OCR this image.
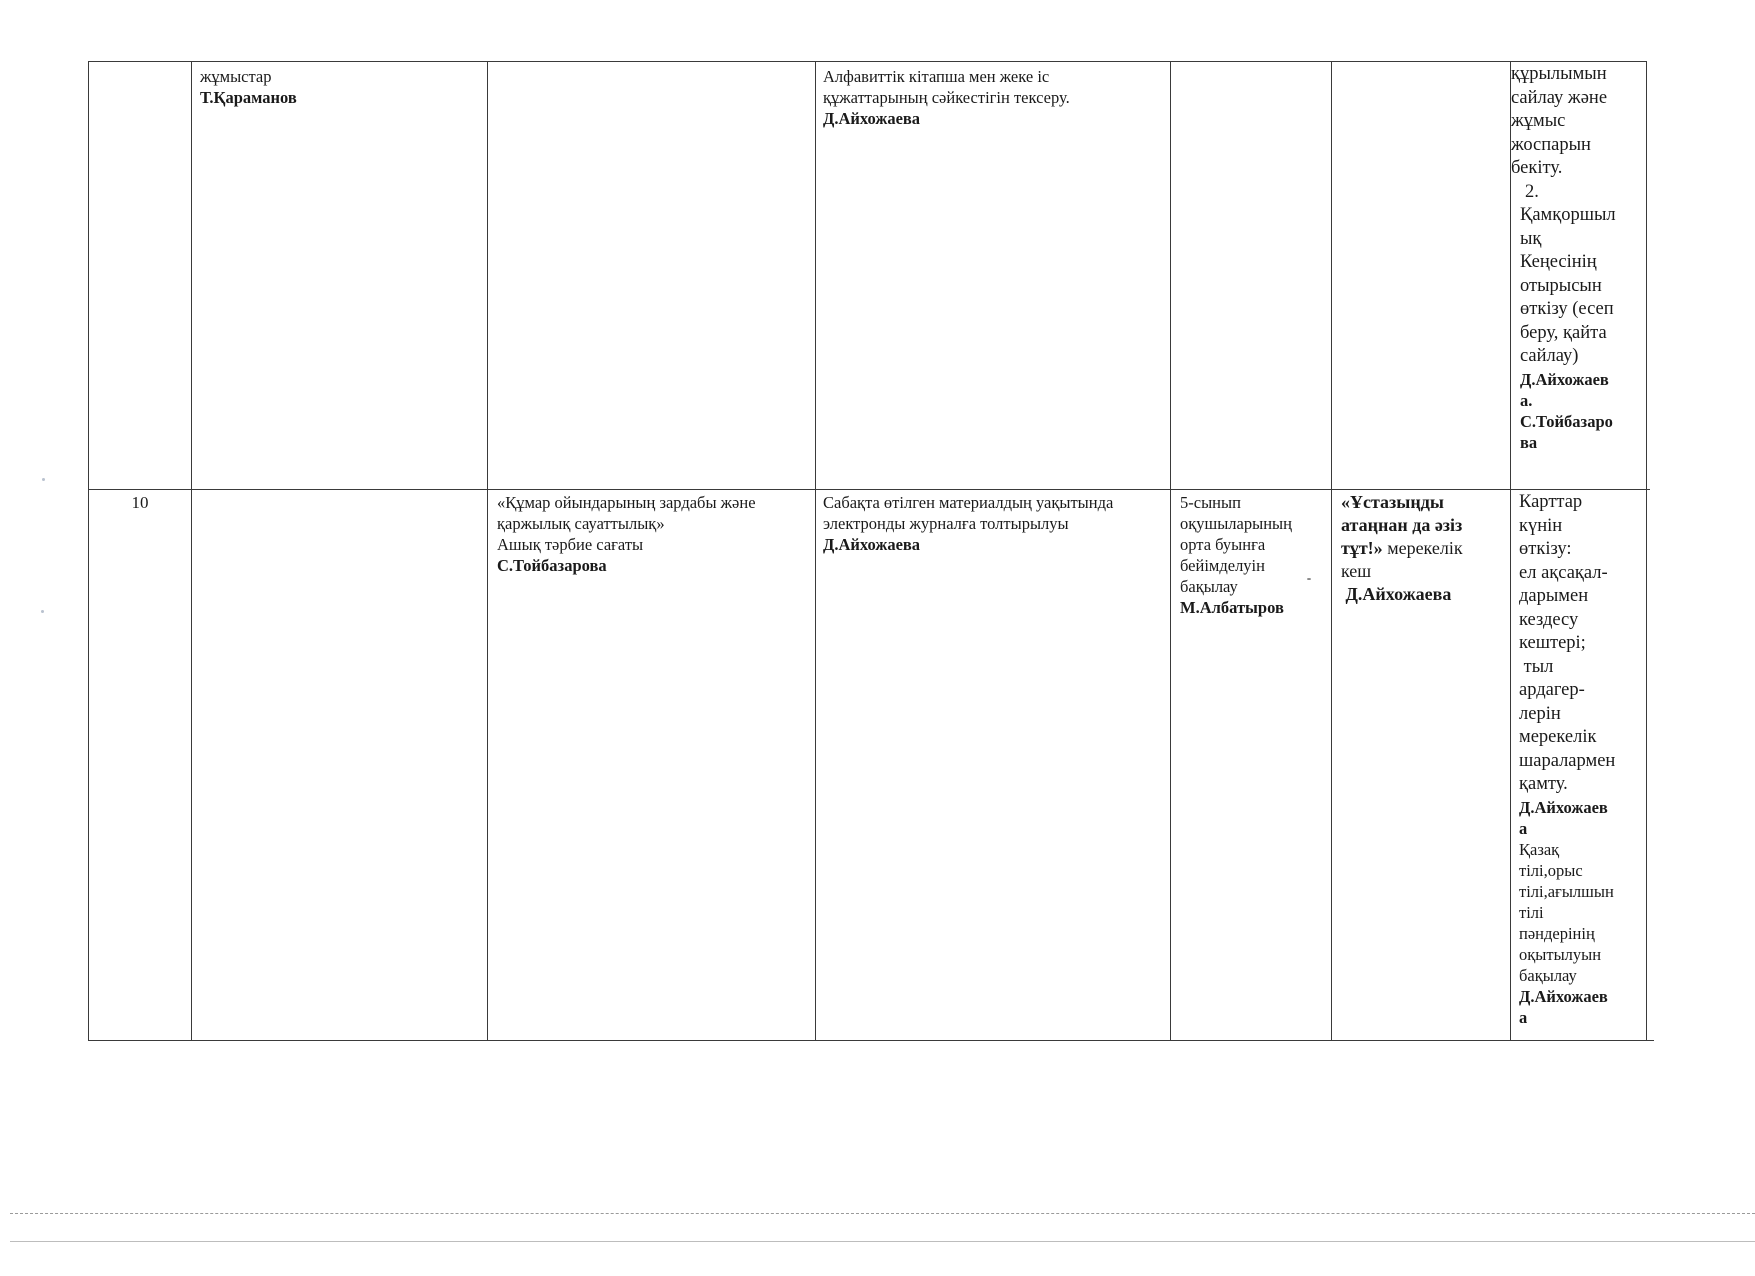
жұмыстар
Т.Қараманов
Алфавиттік кітапша мен жеке іс
құжаттарының сәйкестігін тексеру.
Д.Айхожаева
құрылымын
сайлау және
жұмыс
жоспарын
бекіту.
2.
Қамқоршыл
ық
Кеңесінің
отырысын
өткізу (есеп
беру, қайта
сайлау)
Д.Айхожаев
а.
С.Тойбазаро
ва
10	«Құмар ойындарының зардабы және
қаржылық сауаттылық»
Ашық тәрбие сағаты
С.Тойбазарова
Сабақта өтілген материалдың уақытында
электронды журналға толтырылуы
Д.Айхожаева
5-сынып
оқушыларының
орта буынға
бейімделуін
бақылау
М.Албатыров
«Ұстазыңды
атаңнан да әзіз
тұт!» мерекелік
кеш
Д.Айхожаева
Карттар
күнін
өткізу:
ел ақсақал-
дарымен
кездесу
кештері;
тыл
ардагер-
лерін
мерекелік
шаралармен
қамту.
Д.Айхожаев
а
Қазақ
тілі,орыс
тілі,ағылшын
тілі
пәндерінің
оқытылуын
бақылау
Д.Айхожаев
а
